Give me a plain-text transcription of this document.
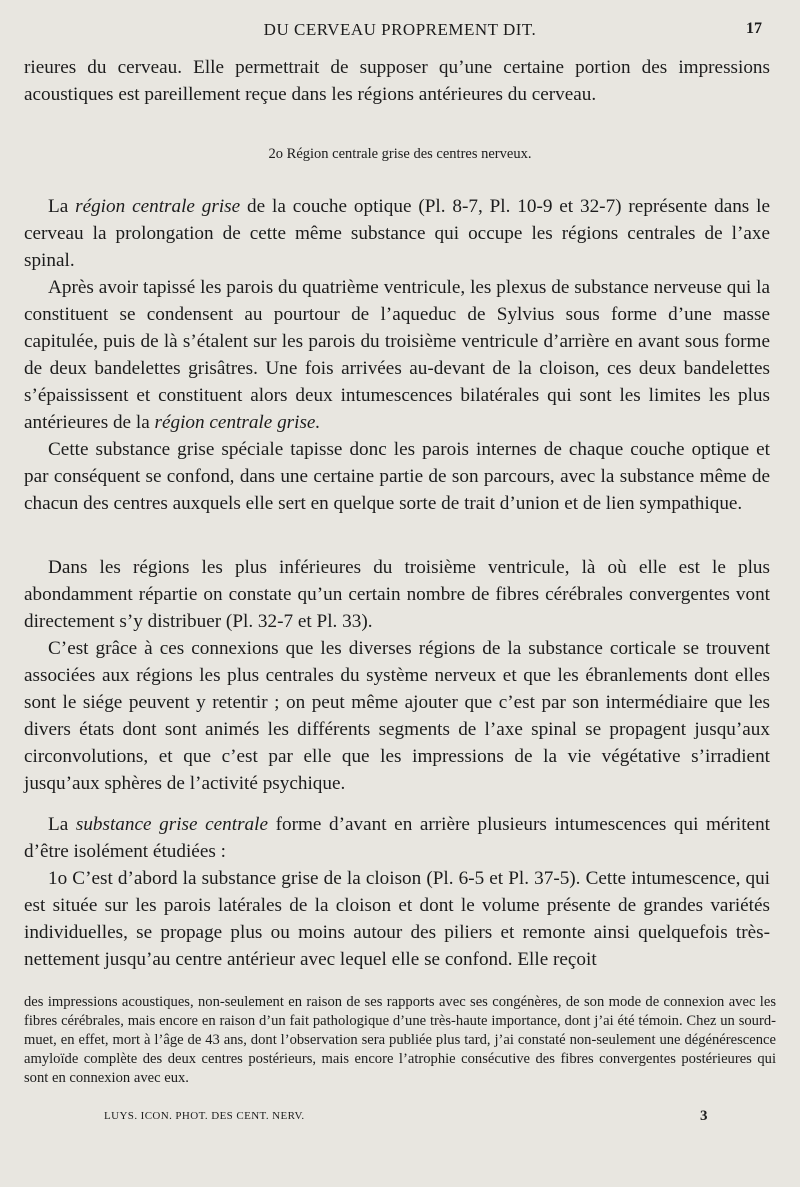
DU CERVEAU PROPREMENT DIT.	17

rieures du cerveau. Elle permettrait de supposer qu’une certaine portion des impressions acoustiques est pareillement reçue dans les régions antérieures du cerveau.

2o Région centrale grise des centres nerveux.

La région centrale grise de la couche optique (Pl. 8-7, Pl. 10-9 et 32-7) représente dans le cerveau la prolongation de cette même substance qui occupe les régions centrales de l’axe spinal.

Après avoir tapissé les parois du quatrième ventricule, les plexus de substance nerveuse qui la constituent se condensent au pourtour de l’aqueduc de Sylvius sous forme d’une masse capitulée, puis de là s’étalent sur les parois du troisième ventricule d’arrière en avant sous forme de deux bandelettes grisâtres. Une fois arrivées au-devant de la cloison, ces deux bandelettes s’épaississent et constituent alors deux intumescences bilatérales qui sont les limites les plus antérieures de la région centrale grise.

Cette substance grise spéciale tapisse donc les parois internes de chaque couche optique et par conséquent se confond, dans une certaine partie de son parcours, avec la substance même de chacun des centres auxquels elle sert en quelque sorte de trait d’union et de lien sympathique.

Dans les régions les plus inférieures du troisième ventricule, là où elle est le plus abondamment répartie on constate qu’un certain nombre de fibres cérébrales convergentes vont directement s’y distribuer (Pl. 32-7 et Pl. 33).

C’est grâce à ces connexions que les diverses régions de la substance corticale se trouvent associées aux régions les plus centrales du système nerveux et que les ébranlements dont elles sont le siége peuvent y retentir ; on peut même ajouter que c’est par son intermédiaire que les divers états dont sont animés les différents segments de l’axe spinal se propagent jusqu’aux circonvolutions, et que c’est par elle que les impressions de la vie végétative s’irradient jusqu’aux sphères de l’activité psychique.

La substance grise centrale forme d’avant en arrière plusieurs intumescences qui méritent d’être isolément étudiées :

1o C’est d’abord la substance grise de la cloison (Pl. 6-5 et Pl. 37-5). Cette intumescence, qui est située sur les parois latérales de la cloison et dont le volume présente de grandes variétés individuelles, se propage plus ou moins autour des piliers et remonte ainsi quelquefois très-nettement jusqu’au centre antérieur avec lequel elle se confond. Elle reçoit

des impressions acoustiques, non-seulement en raison de ses rapports avec ses congénères, de son mode de connexion avec les fibres cérébrales, mais encore en raison d’un fait pathologique d’une très-haute importance, dont j’ai été témoin. Chez un sourd-muet, en effet, mort à l’âge de 43 ans, dont l’observation sera publiée plus tard, j’ai constaté non-seulement une dégénérescence amyloïde complète des deux centres postérieurs, mais encore l’atrophie consécutive des fibres convergentes postérieures qui sont en connexion avec eux.

LUYS. ICON. PHOT. DES CENT. NERV.	3
